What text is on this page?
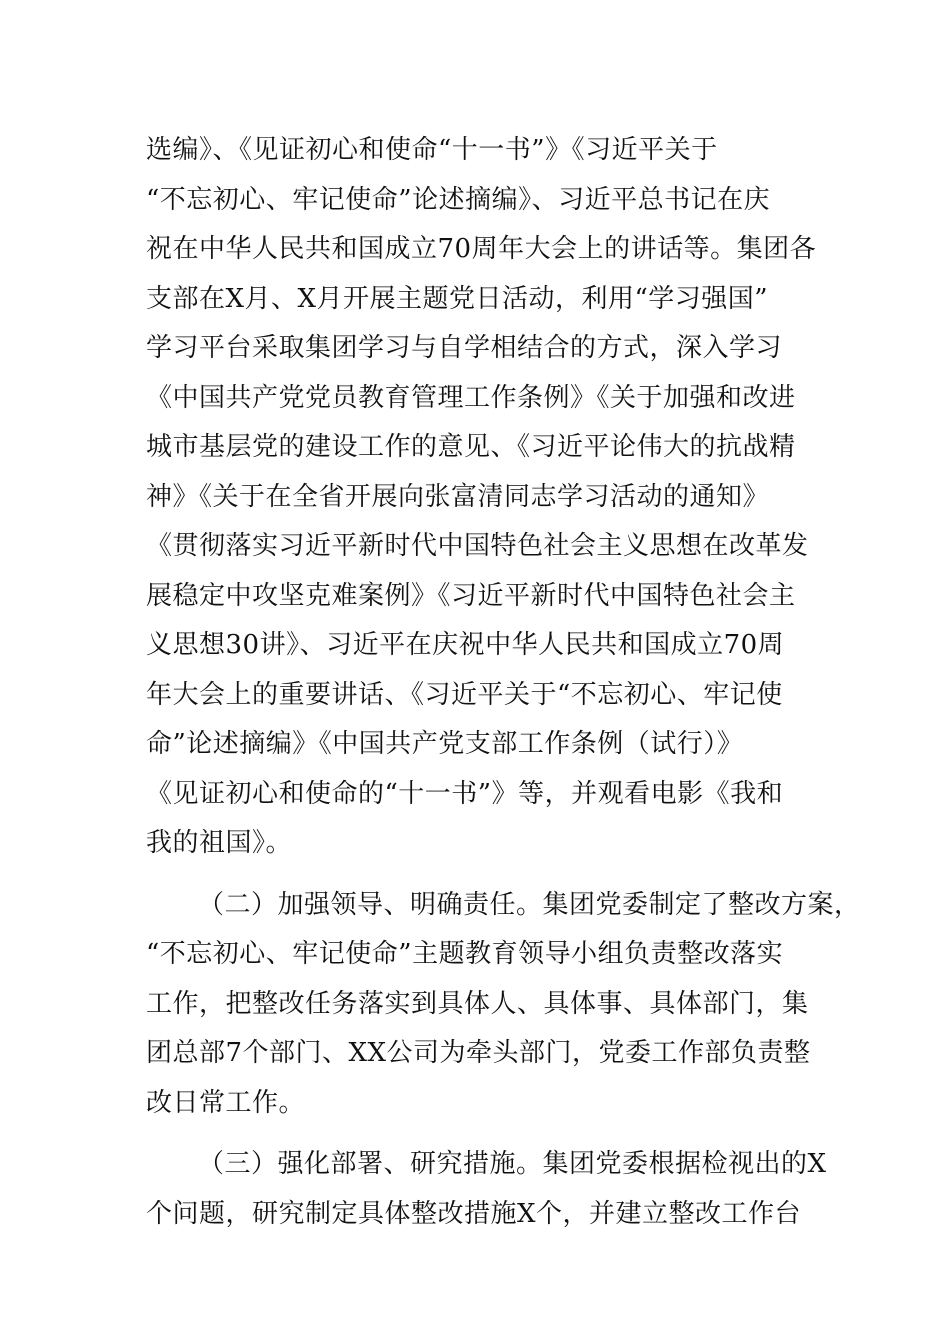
选编》、《见证初心和使命“十一书”》《习近平关于
“不忘初心、牢记使命”论述摘编》、习近平总书记在庆
祝在中华人民共和国成立70周年大会上的讲话等。集团各
支部在X月、X月开展主题党日活动，利用“学习强国”
学习平台采取集团学习与自学相结合的方式，深入学习
《中国共产党党员教育管理工作条例》《关于加强和改进
城市基层党的建设工作的意见、《习近平论伟大的抗战精
神》《关于在全省开展向张富清同志学习活动的通知》
《贯彻落实习近平新时代中国特色社会主义思想在改革发
展稳定中攻坚克难案例》《习近平新时代中国特色社会主
义思想30讲》、习近平在庆祝中华人民共和国成立70周
年大会上的重要讲话、《习近平关于“不忘初心、牢记使
命”论述摘编》《中国共产党支部工作条例（试行）》
《见证初心和使命的“十一书”》等，并观看电影《我和
我的祖国》。
（二）加强领导、明确责任。集团党委制定了整改方案，
“不忘初心、牢记使命”主题教育领导小组负责整改落实
工作，把整改任务落实到具体人、具体事、具体部门，集
团总部7个部门、XX公司为牵头部门，党委工作部负责整
改日常工作。
（三）强化部署、研究措施。集团党委根据检视出的X
个问题，研究制定具体整改措施X个，并建立整改工作台
